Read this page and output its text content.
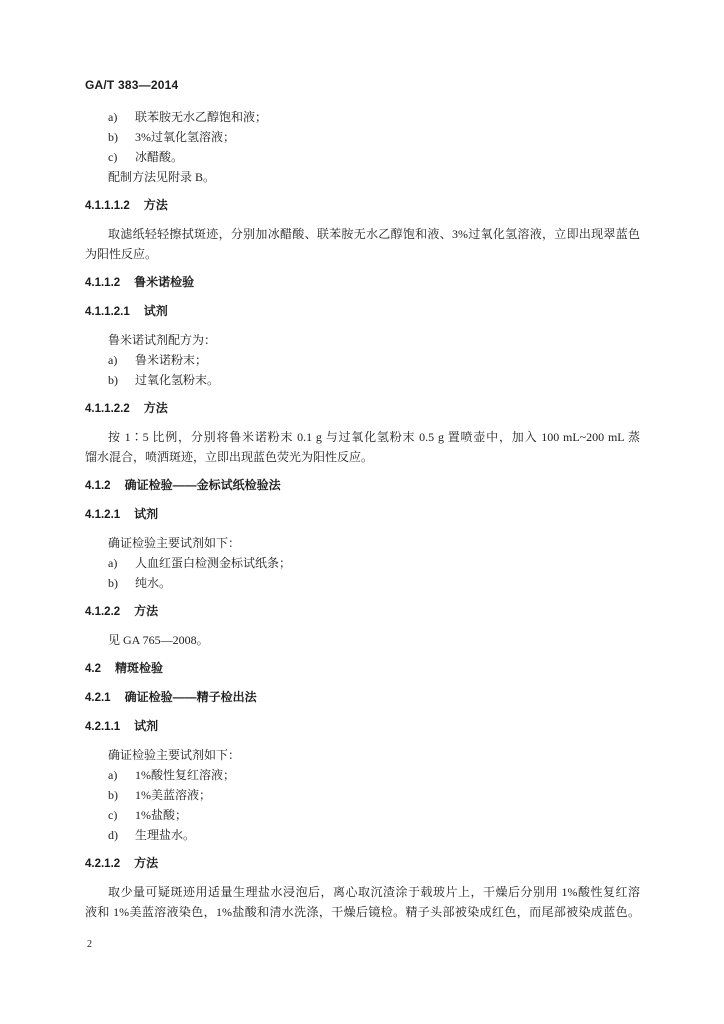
GA/T 383—2014
a) 联苯胺无水乙醇饱和液；
b) 3%过氧化氢溶液；
c) 冰醋酸。
配制方法见附录 B。
4.1.1.1.2 方法
取滤纸轻轻擦拭斑迹，分别加冰醋酸、联苯胺无水乙醇饱和液、3%过氧化氢溶液，立即出现翠蓝色
为阳性反应。
4.1.1.2 鲁米诺检验
4.1.1.2.1 试剂
鲁米诺试剂配方为：
a) 鲁米诺粉末；
b) 过氧化氢粉末。
4.1.1.2.2 方法
按 1∶5 比例，分别将鲁米诺粉末 0.1 g 与过氧化氢粉末 0.5 g 置喷壶中，加入 100 mL~200 mL 蒸
馏水混合，喷洒斑迹，立即出现蓝色荧光为阳性反应。
4.1.2 确证检验——金标试纸检验法
4.1.2.1 试剂
确证检验主要试剂如下：
a) 人血红蛋白检测金标试纸条；
b) 纯水。
4.1.2.2 方法
见 GA 765—2008。
4.2 精斑检验
4.2.1 确证检验——精子检出法
4.2.1.1 试剂
确证检验主要试剂如下：
a) 1%酸性复红溶液；
b) 1%美蓝溶液；
c) 1%盐酸；
d) 生理盐水。
4.2.1.2 方法
取少量可疑斑迹用适量生理盐水浸泡后，离心取沉渣涂于载玻片上，干燥后分别用 1%酸性复红溶
液和 1%美蓝溶液染色，1%盐酸和清水洗涤，干燥后镜检。精子头部被染成红色，而尾部被染成蓝色。
2
